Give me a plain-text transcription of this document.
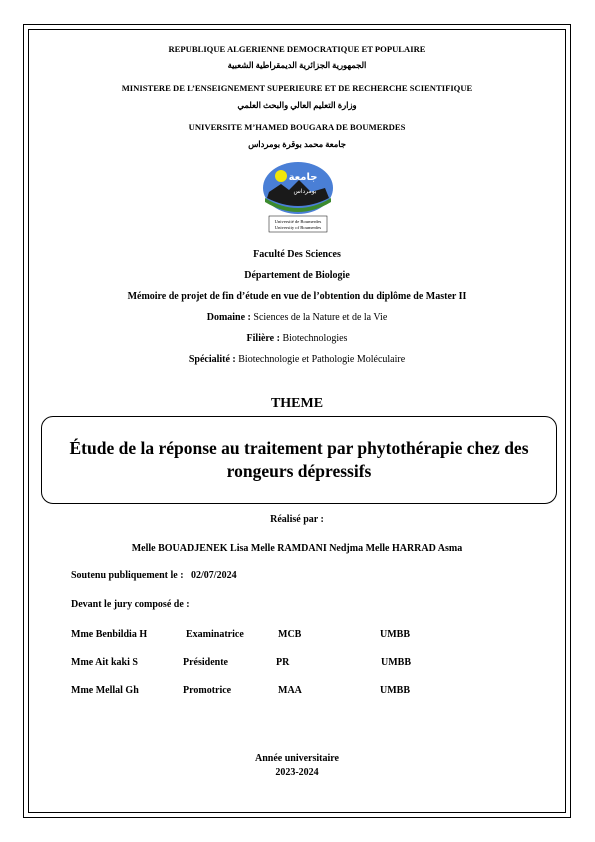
REPUBLIQUE ALGERIENNE DEMOCRATIQUE ET POPULAIRE
الجمهورية الجزائرية الديمقراطية الشعبية
MINISTERE DE L’ENSEIGNEMENT SUPERIEURE ET DE RECHERCHE SCIENTIFIQUE
وزارة التعليم العالي والبحث العلمي
UNIVERSITE M’HAMED BOUGARA DE BOUMERDES
جامعة محمد بوقرة بومرداس
جامعة
بومرداس
Université de Boumerdes
University of Boumerdes
Faculté Des Sciences
Département de Biologie
Mémoire de projet de fin d’étude en vue de l’obtention du diplôme de Master II
Domaine : Sciences de la Nature et de la Vie
Filière : Biotechnologies
Spécialité : Biotechnologie et Pathologie Moléculaire
THEME
Étude de la réponse au traitement par phytothérapie chez des rongeurs dépressifs
Réalisé par :
Melle BOUADJENEK Lisa Melle RAMDANI Nedjma Melle HARRAD Asma
Soutenu publiquement le : 02/07/2024
Devant le jury composé de :
Mme Benbildia H	Examinatrice	MCB	UMBB
Mme Ait kaki S	Présidente	PR	UMBB
Mme Mellal Gh	Promotrice	MAA	UMBB
Année universitaire
2023-2024
